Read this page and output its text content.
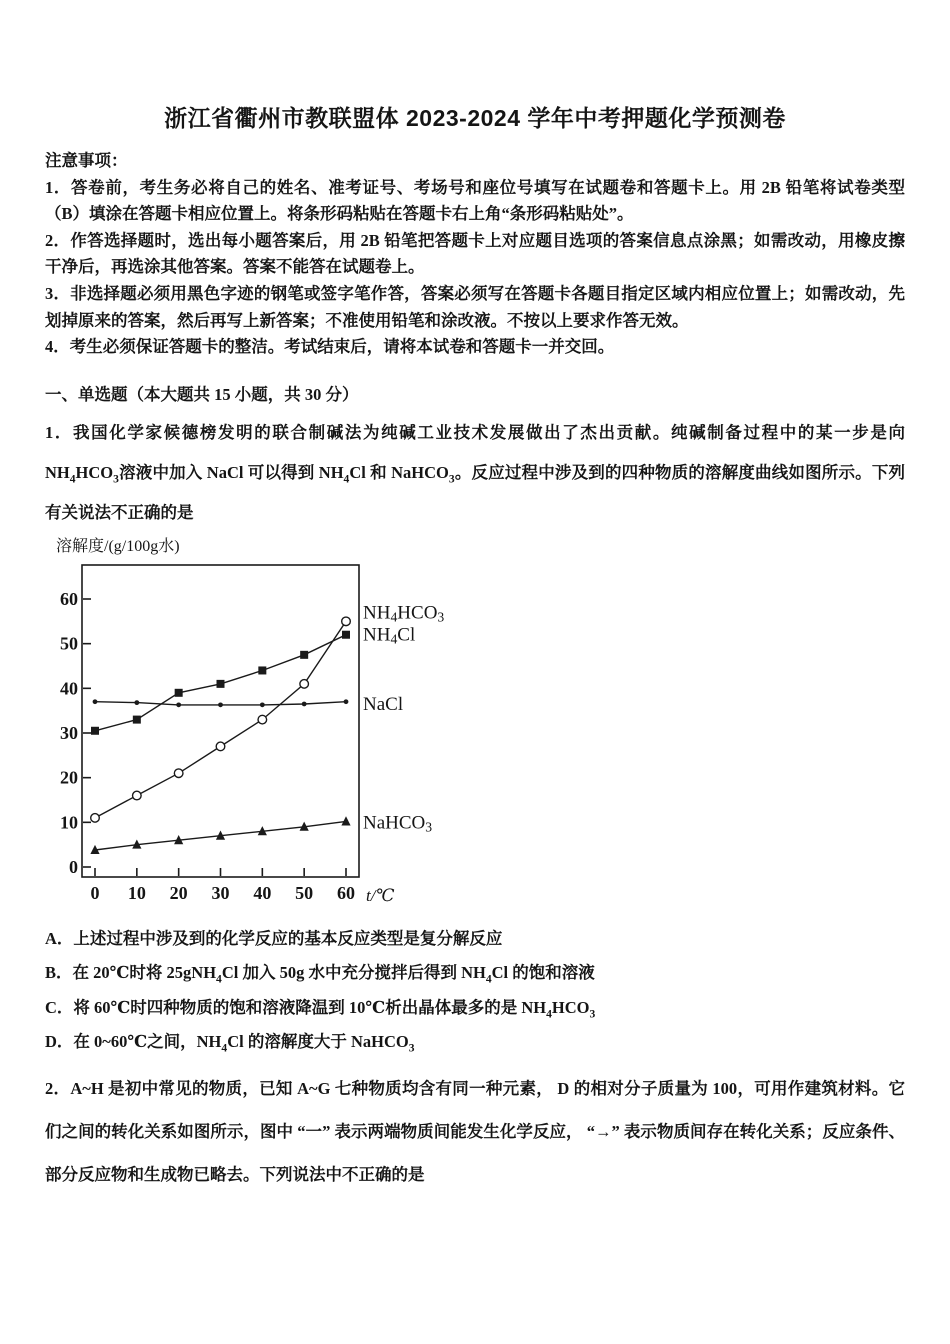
浙江省衢州市教联盟体 2023-2024 学年中考押题化学预测卷

注意事项：

1．答卷前，考生务必将自己的姓名、准考证号、考场号和座位号填写在试题卷和答题卡上。用 2B 铅笔将试卷类型（B）填涂在答题卡相应位置上。将条形码粘贴在答题卡右上角“条形码粘贴处”。

2．作答选择题时，选出每小题答案后，用 2B 铅笔把答题卡上对应题目选项的答案信息点涂黑；如需改动，用橡皮擦干净后，再选涂其他答案。答案不能答在试题卷上。

3．非选择题必须用黑色字迹的钢笔或签字笔作答，答案必须写在答题卡各题目指定区域内相应位置上；如需改动，先划掉原来的答案，然后再写上新答案；不准使用铅笔和涂改液。不按以上要求作答无效。

4．考生必须保证答题卡的整洁。考试结束后，请将本试卷和答题卡一并交回。

一、单选题（本大题共 15 小题，共 30 分）

1．我国化学家候德榜发明的联合制碱法为纯碱工业技术发展做出了杰出贡献。纯碱制备过程中的某一步是向 $NH_4HCO_3$溶液中加入 NaCl 可以得到 $NH_4Cl$ 和 NaHCO$_3$。反应过程中涉及到的四种物质的溶解度曲线如图所示。下列有关说法不正确的是

溶解度/(g/100g水)
t/℃
0
10
20
30
40
50
60
0 10 20 30 40 50 60
NH4HCO3
NH4Cl
NaCl
NaHCO3

A．上述过程中涉及到的化学反应的基本反应类型是复分解反应

B．在 20℃时将 25gNH$_4$Cl 加入 50g 水中充分搅拌后得到 $NH_4Cl$ 的饱和溶液

C．将 60℃时四种物质的饱和溶液降温到 10℃析出晶体最多的是 $NH_4HCO_3$

D．在 0~60℃之间，$NH_4Cl$ 的溶解度大于 NaHCO$_3$

2．A~H 是初中常见的物质，已知 A~G 七种物质均含有同一种元素， D 的相对分子质量为 100，可用作建筑材料。它们之间的转化关系如图所示，图中 “一” 表示两端物质间能发生化学反应， “→” 表示物质间存在转化关系；反应条件、部分反应物和生成物已略去。下列说法中不正确的是
